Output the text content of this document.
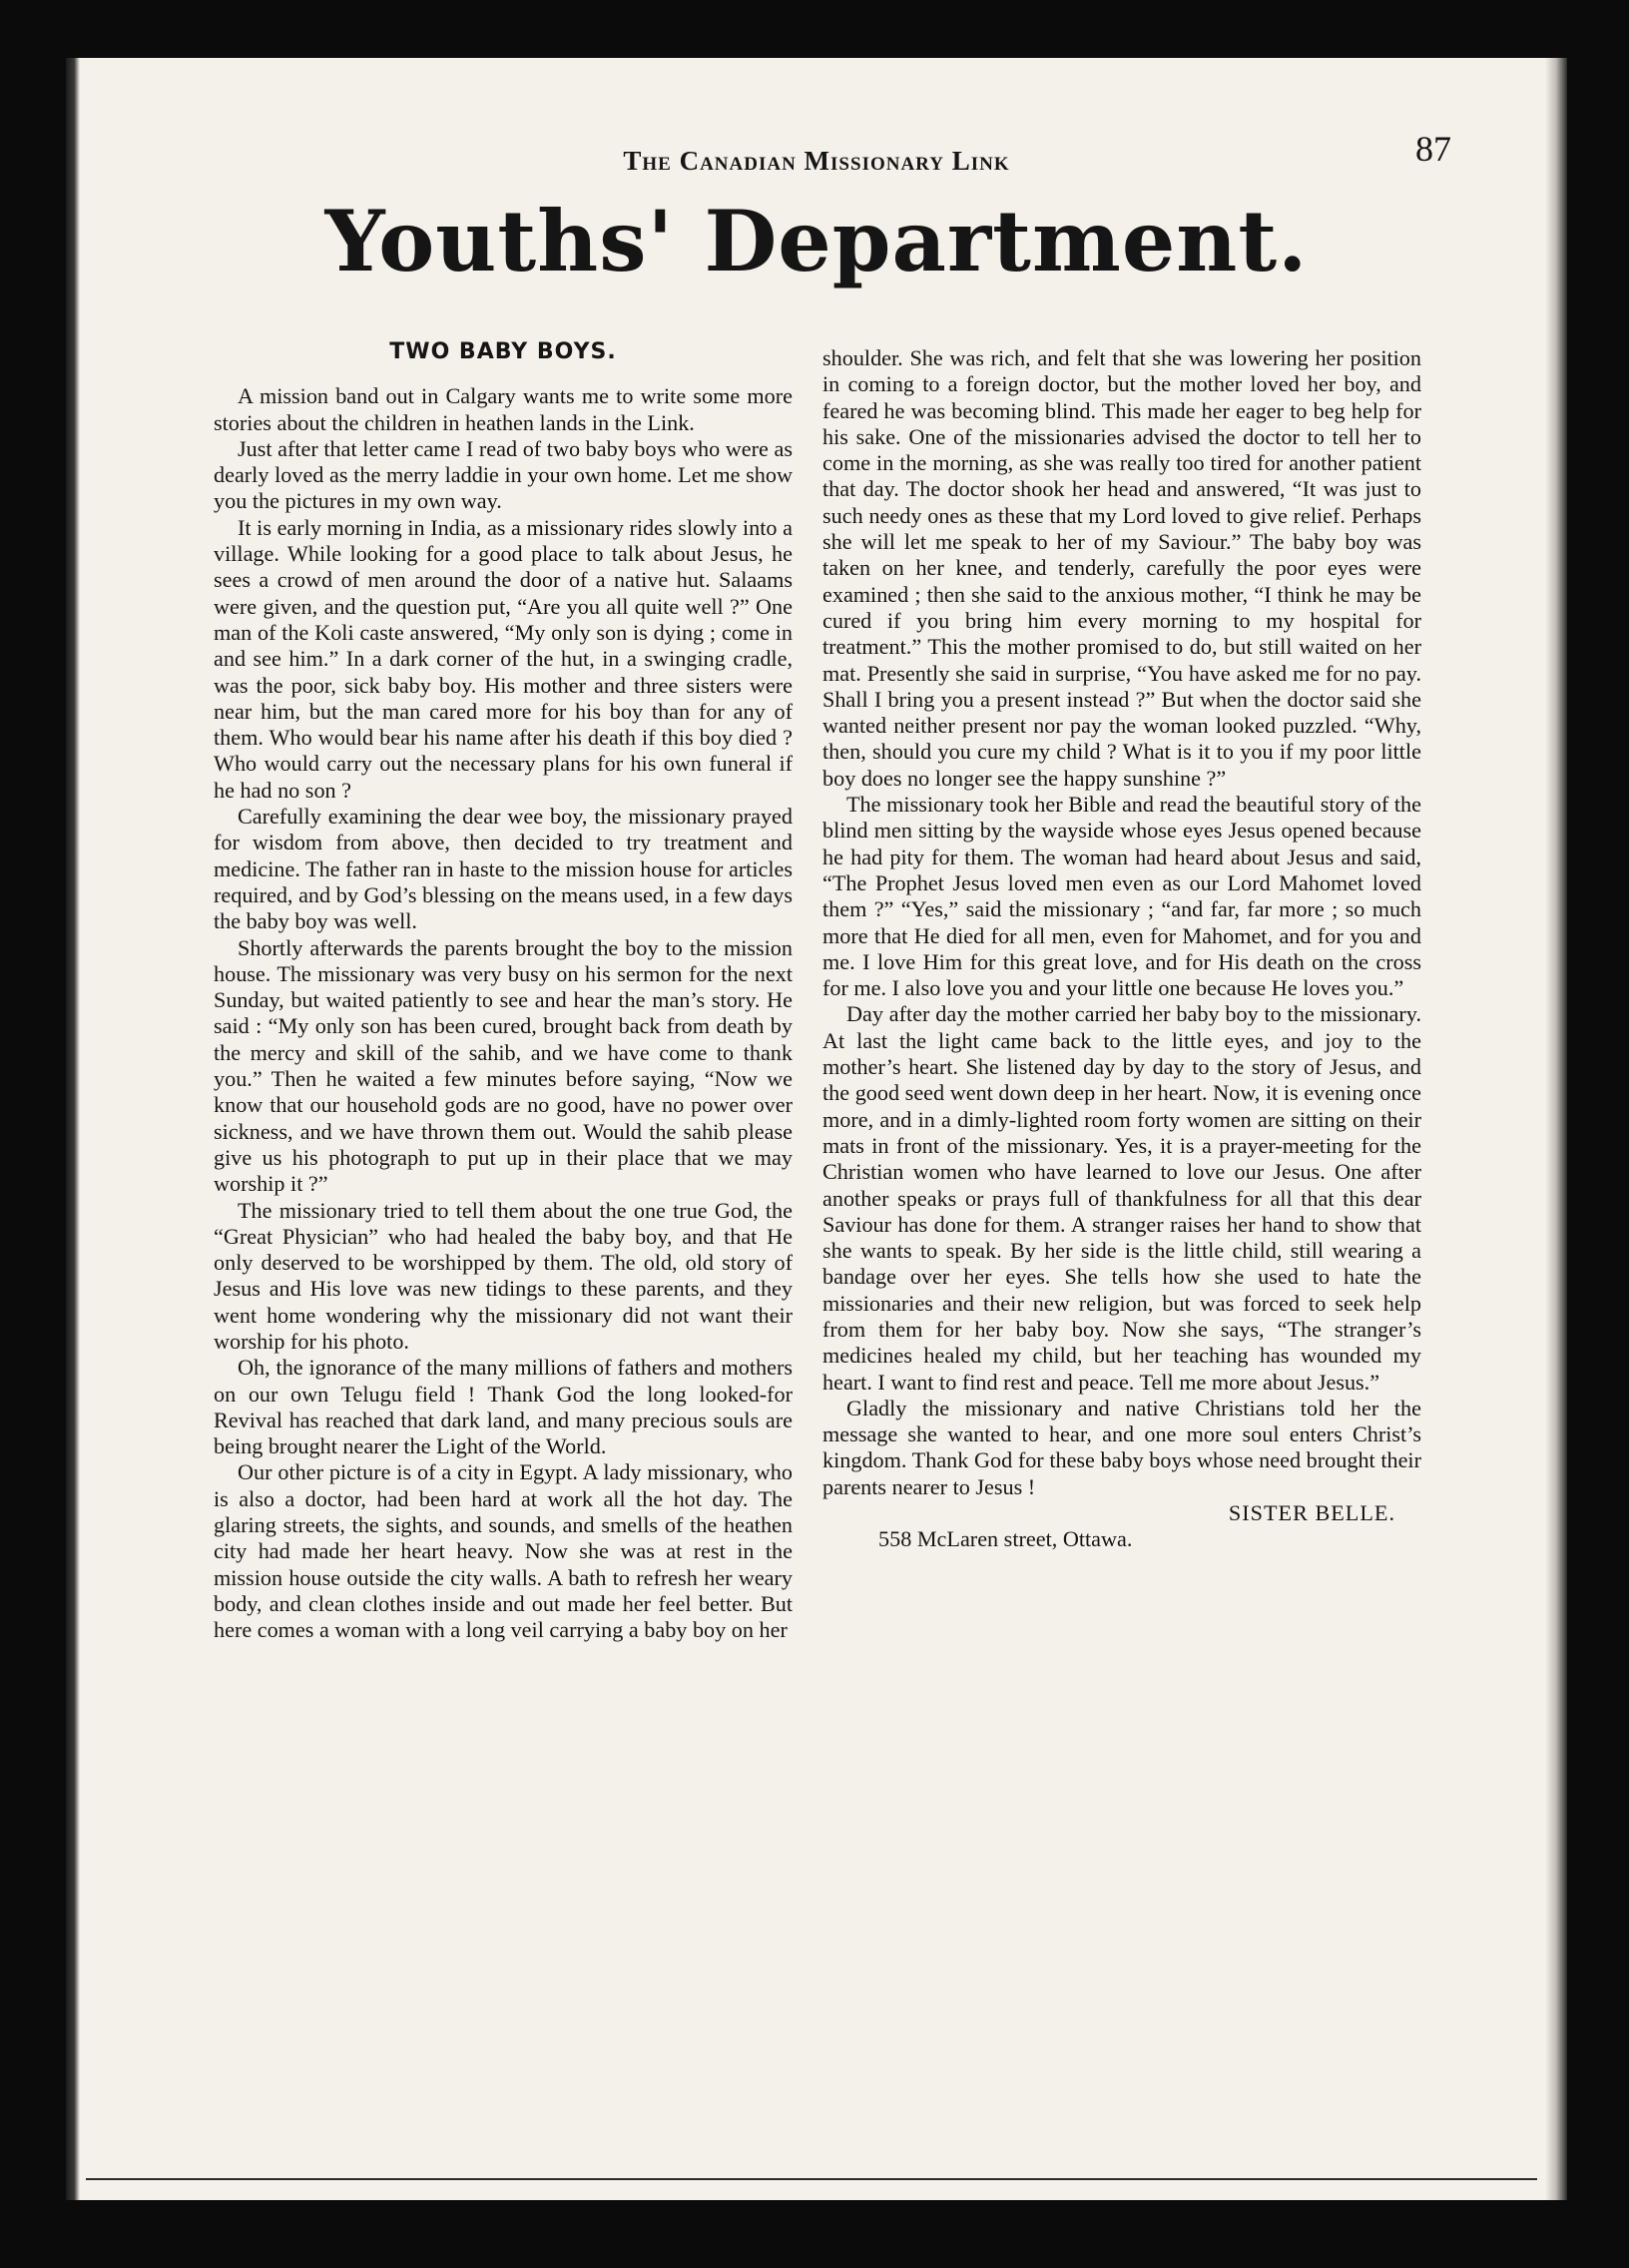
The Canadian Missionary Link	87
Youths' Department.
TWO BABY BOYS.

A mission band out in Calgary wants me to write some more stories about the children in heathen lands in the Link.

Just after that letter came I read of two baby boys who were as dearly loved as the merry laddie in your own home. Let me show you the pictures in my own way.

It is early morning in India, as a missionary rides slowly into a village. While looking for a good place to talk about Jesus, he sees a crowd of men around the door of a native hut. Salaams were given, and the question put, “Are you all quite well ?” One man of the Koli caste answered, “My only son is dying ; come in and see him.” In a dark corner of the hut, in a swinging cradle, was the poor, sick baby boy. His mother and three sisters were near him, but the man cared more for his boy than for any of them. Who would bear his name after his death if this boy died ? Who would carry out the necessary plans for his own funeral if he had no son ?

Carefully examining the dear wee boy, the missionary prayed for wisdom from above, then decided to try treatment and medicine. The father ran in haste to the mission house for articles required, and by God’s blessing on the means used, in a few days the baby boy was well.

Shortly afterwards the parents brought the boy to the mission house. The missionary was very busy on his sermon for the next Sunday, but waited patiently to see and hear the man’s story. He said : “My only son has been cured, brought back from death by the mercy and skill of the sahib, and we have come to thank you.” Then he waited a few minutes before saying, “Now we know that our household gods are no good, have no power over sickness, and we have thrown them out. Would the sahib please give us his photograph to put up in their place that we may worship it ?”

The missionary tried to tell them about the one true God, the “Great Physician” who had healed the baby boy, and that He only deserved to be worshipped by them. The old, old story of Jesus and His love was new tidings to these parents, and they went home wondering why the missionary did not want their worship for his photo.

Oh, the ignorance of the many millions of fathers and mothers on our own Telugu field ! Thank God the long looked-for Revival has reached that dark land, and many precious souls are being brought nearer the Light of the World.

Our other picture is of a city in Egypt. A lady missionary, who is also a doctor, had been hard at work all the hot day. The glaring streets, the sights, and sounds, and smells of the heathen city had made her heart heavy. Now she was at rest in the mission house outside the city walls. A bath to refresh her weary body, and clean clothes inside and out made her feel better. But here comes a woman with a long veil carrying a baby boy on her

shoulder. She was rich, and felt that she was lowering her position in coming to a foreign doctor, but the mother loved her boy, and feared he was becoming blind. This made her eager to beg help for his sake. One of the missionaries advised the doctor to tell her to come in the morning, as she was really too tired for another patient that day. The doctor shook her head and answered, “It was just to such needy ones as these that my Lord loved to give relief. Perhaps she will let me speak to her of my Saviour.” The baby boy was taken on her knee, and tenderly, carefully the poor eyes were examined ; then she said to the anxious mother, “I think he may be cured if you bring him every morning to my hospital for treatment.” This the mother promised to do, but still waited on her mat. Presently she said in surprise, “You have asked me for no pay. Shall I bring you a present instead ?” But when the doctor said she wanted neither present nor pay the woman looked puzzled. “Why, then, should you cure my child ? What is it to you if my poor little boy does no longer see the happy sunshine ?”

The missionary took her Bible and read the beautiful story of the blind men sitting by the wayside whose eyes Jesus opened because he had pity for them. The woman had heard about Jesus and said, “The Prophet Jesus loved men even as our Lord Mahomet loved them ?” “Yes,” said the missionary ; “and far, far more ; so much more that He died for all men, even for Mahomet, and for you and me. I love Him for this great love, and for His death on the cross for me. I also love you and your little one because He loves you.”

Day after day the mother carried her baby boy to the missionary. At last the light came back to the little eyes, and joy to the mother’s heart. She listened day by day to the story of Jesus, and the good seed went down deep in her heart. Now, it is evening once more, and in a dimly-lighted room forty women are sitting on their mats in front of the missionary. Yes, it is a prayer-meeting for the Christian women who have learned to love our Jesus. One after another speaks or prays full of thankfulness for all that this dear Saviour has done for them. A stranger raises her hand to show that she wants to speak. By her side is the little child, still wearing a bandage over her eyes. She tells how she used to hate the missionaries and their new religion, but was forced to seek help from them for her baby boy. Now she says, “The stranger’s medicines healed my child, but her teaching has wounded my heart. I want to find rest and peace. Tell me more about Jesus.”

Gladly the missionary and native Christians told her the message she wanted to hear, and one more soul enters Christ’s kingdom. Thank God for these baby boys whose need brought their parents nearer to Jesus !

SISTER BELLE.
558 McLaren street, Ottawa.
